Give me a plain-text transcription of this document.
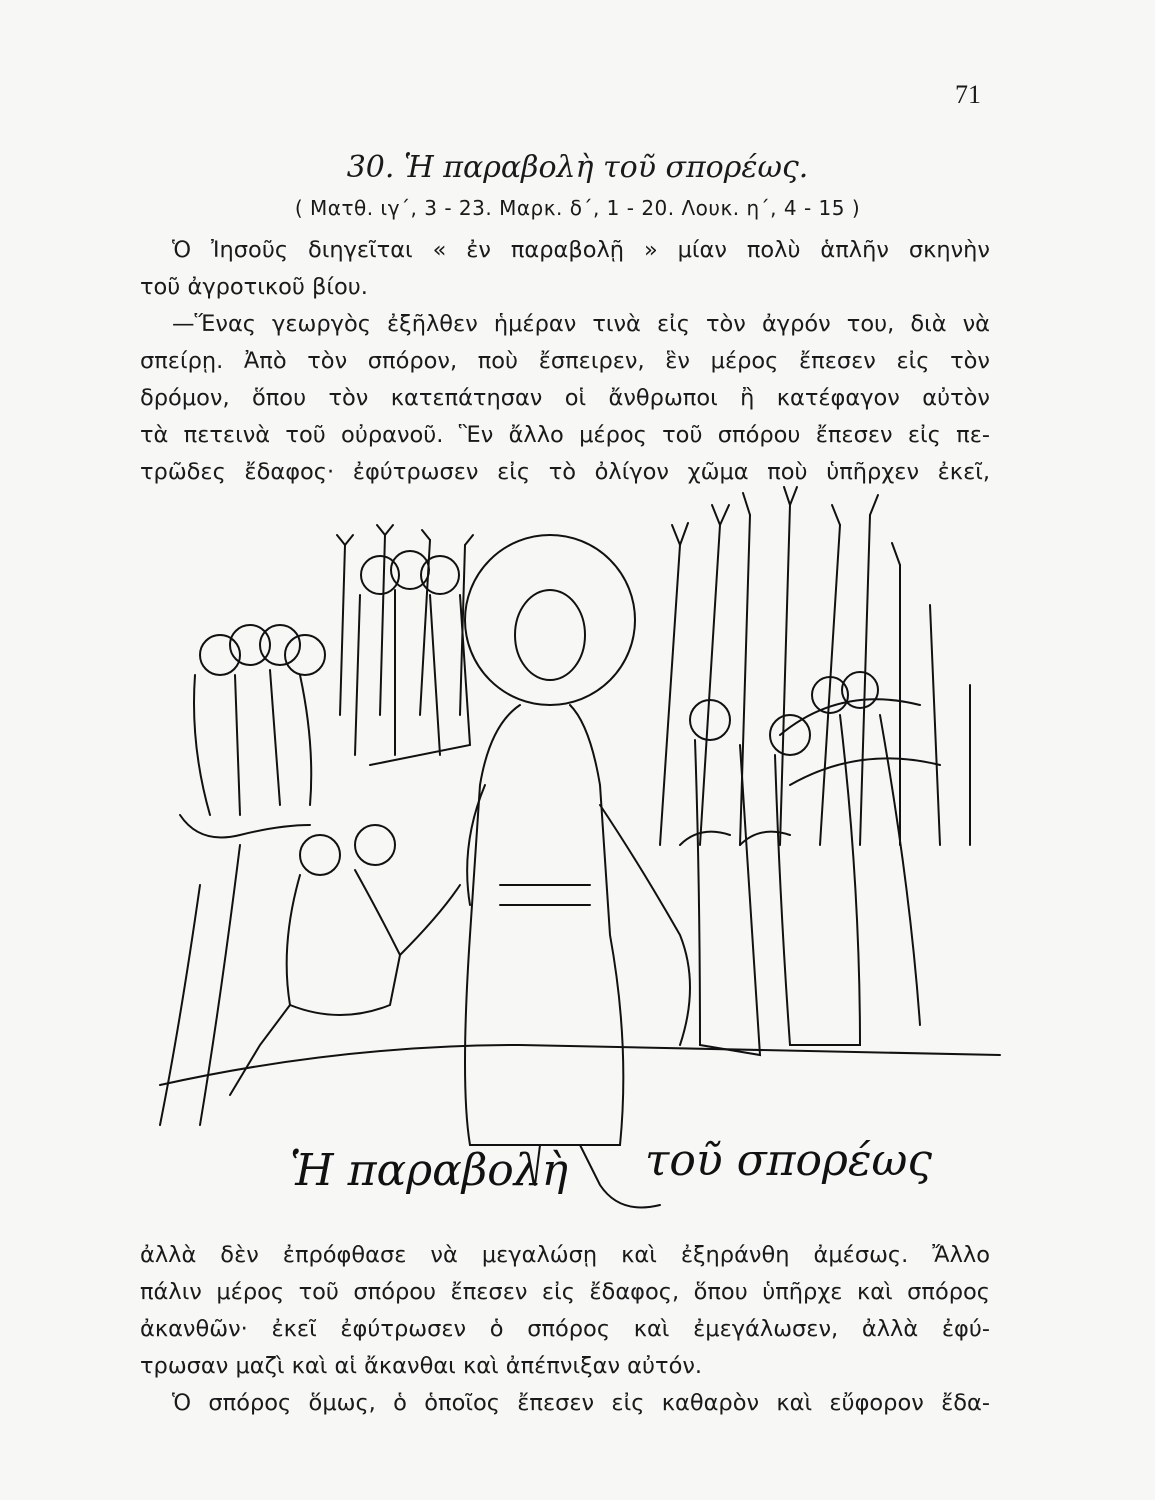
71
30. Ἡ παραβολὴ τοῦ σπορέως.
( Ματθ. ιγ΄, 3 - 23. Μαρκ. δ΄, 1 - 20. Λουκ. η΄, 4 - 15 )
Ὁ Ἰησοῦς διηγεῖται « ἐν παραβολῇ » μίαν πολὺ ἁπλῆν σκηνὴν
τοῦ ἀγροτικοῦ βίου.
—Ἕνας γεωργὸς ἐξῆλθεν ἡμέραν τινὰ εἰς τὸν ἀγρόν του, διὰ νὰ
σπείρῃ. Ἀπὸ τὸν σπόρον, ποὺ ἔσπειρεν, ἓν μέρος ἔπεσεν εἰς τὸν
δρόμον, ὅπου τὸν κατεπάτησαν οἱ ἄνθρωποι ἢ κατέφαγον αὐτὸν
τὰ πετεινὰ τοῦ οὐρανοῦ. Ἓν ἄλλο μέρος τοῦ σπόρου ἔπεσεν εἰς πε-
τρῶδες ἔδαφος· ἐφύτρωσεν εἰς τὸ ὀλίγον χῶμα ποὺ ὑπῆρχεν ἐκεῖ,
Ἡ παραβολὴ τοῦ σπορέως
ἀλλὰ δὲν ἐπρόφθασε νὰ μεγαλώσῃ καὶ ἐξηράνθη ἀμέσως. Ἄλλο
πάλιν μέρος τοῦ σπόρου ἔπεσεν εἰς ἔδαφος, ὅπου ὑπῆρχε καὶ σπόρος
ἀκανθῶν· ἐκεῖ ἐφύτρωσεν ὁ σπόρος καὶ ἐμεγάλωσεν, ἀλλὰ ἐφύ-
τρωσαν μαζὶ καὶ αἱ ἄκανθαι καὶ ἀπέπνιξαν αὐτόν.
Ὁ σπόρος ὅμως, ὁ ὁποῖος ἔπεσεν εἰς καθαρὸν καὶ εὔφορον ἔδα-
